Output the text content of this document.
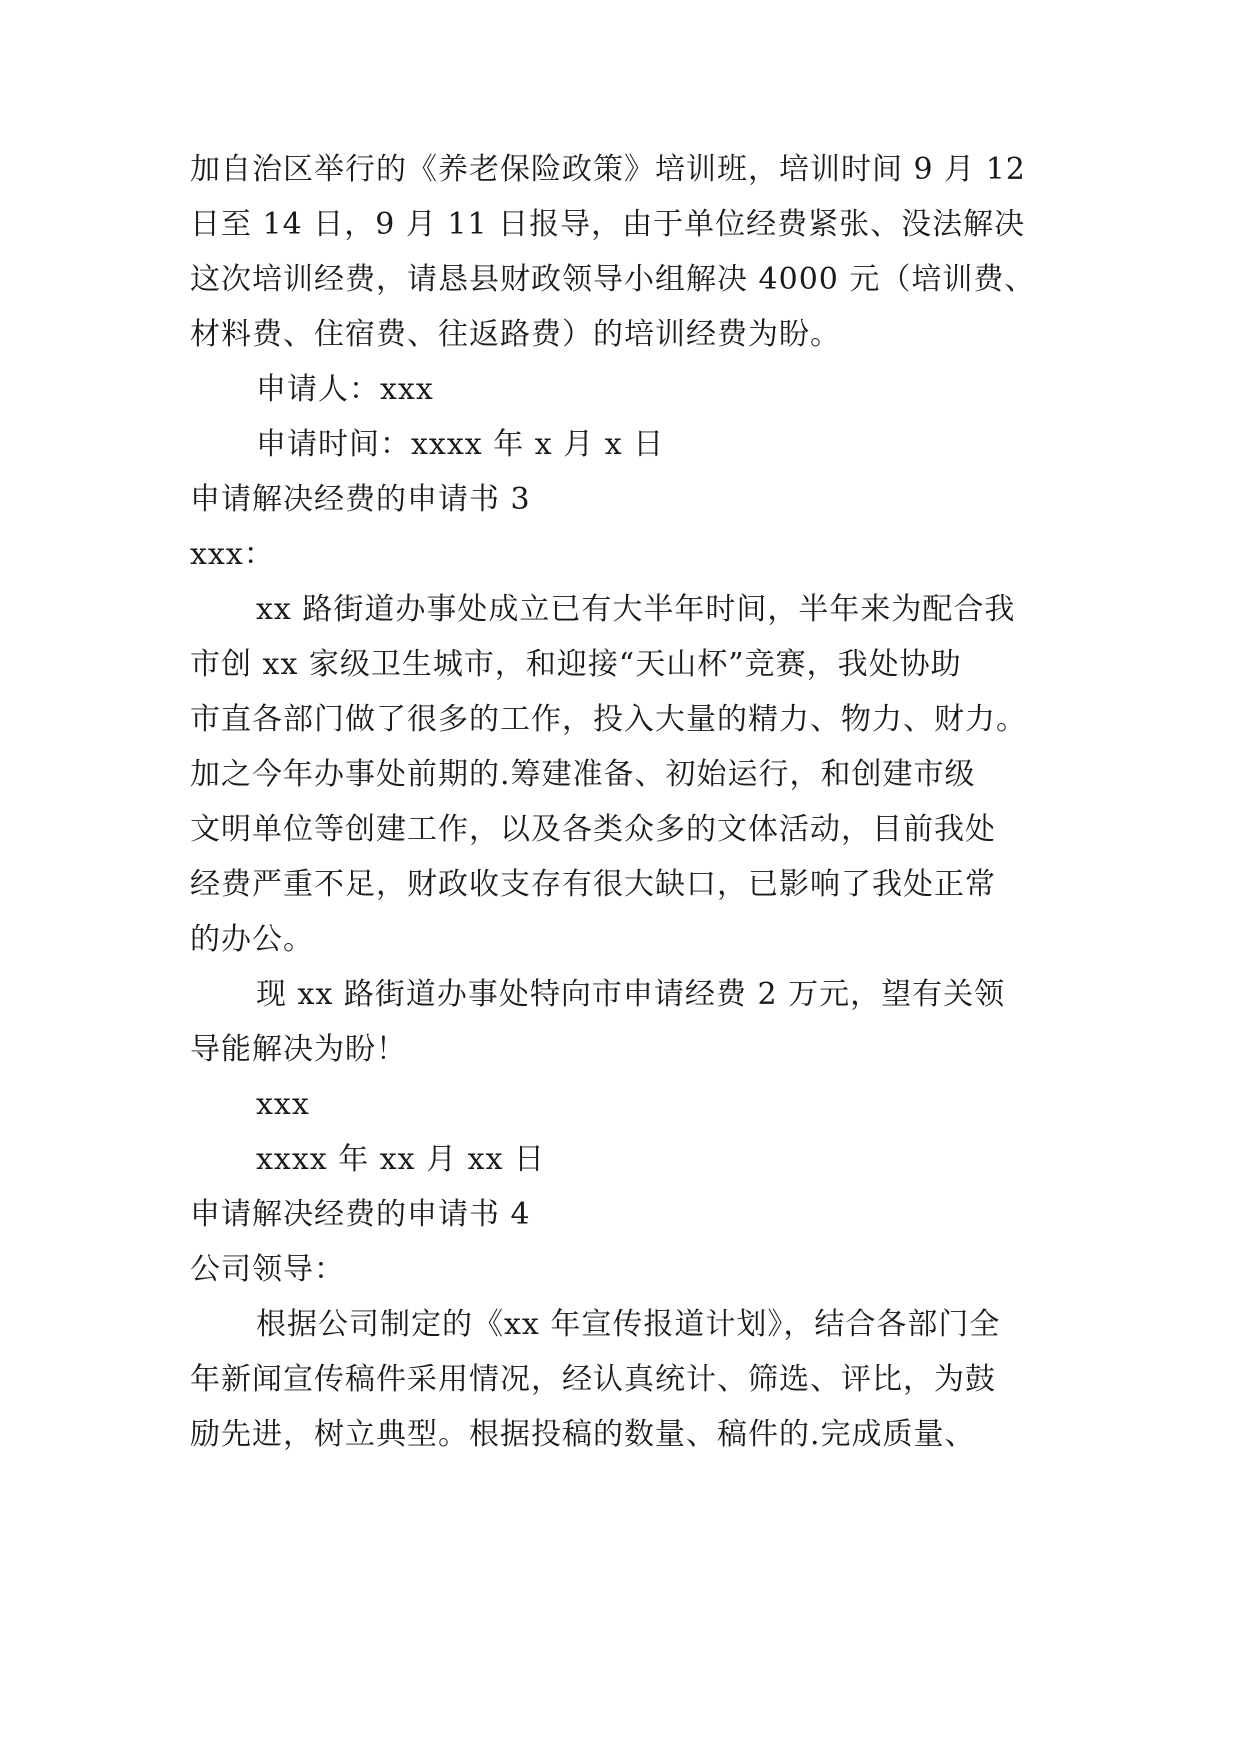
加自治区举行的《养老保险政策》培训班，培训时间 9 月 12
日至 14 日，9 月 11 日报导，由于单位经费紧张、没法解决
这次培训经费，请恳县财政领导小组解决 4000 元（培训费、
材料费、住宿费、往返路费）的培训经费为盼。
申请人：xxx
申请时间：xxxx 年 x 月 x 日
申请解决经费的申请书 3
xxx：
xx 路街道办事处成立已有大半年时间，半年来为配合我
市创 xx 家级卫生城市，和迎接“天山杯”竞赛，我处协助
市直各部门做了很多的工作，投入大量的精力、物力、财力。
加之今年办事处前期的.筹建准备、初始运行，和创建市级
文明单位等创建工作，以及各类众多的文体活动，目前我处
经费严重不足，财政收支存有很大缺口，已影响了我处正常
的办公。
现 xx 路街道办事处特向市申请经费 2 万元，望有关领
导能解决为盼！
xxx
xxxx 年 xx 月 xx 日
申请解决经费的申请书 4
公司领导：
根据公司制定的《xx 年宣传报道计划》，结合各部门全
年新闻宣传稿件采用情况，经认真统计、筛选、评比，为鼓
励先进，树立典型。根据投稿的数量、稿件的.完成质量、
